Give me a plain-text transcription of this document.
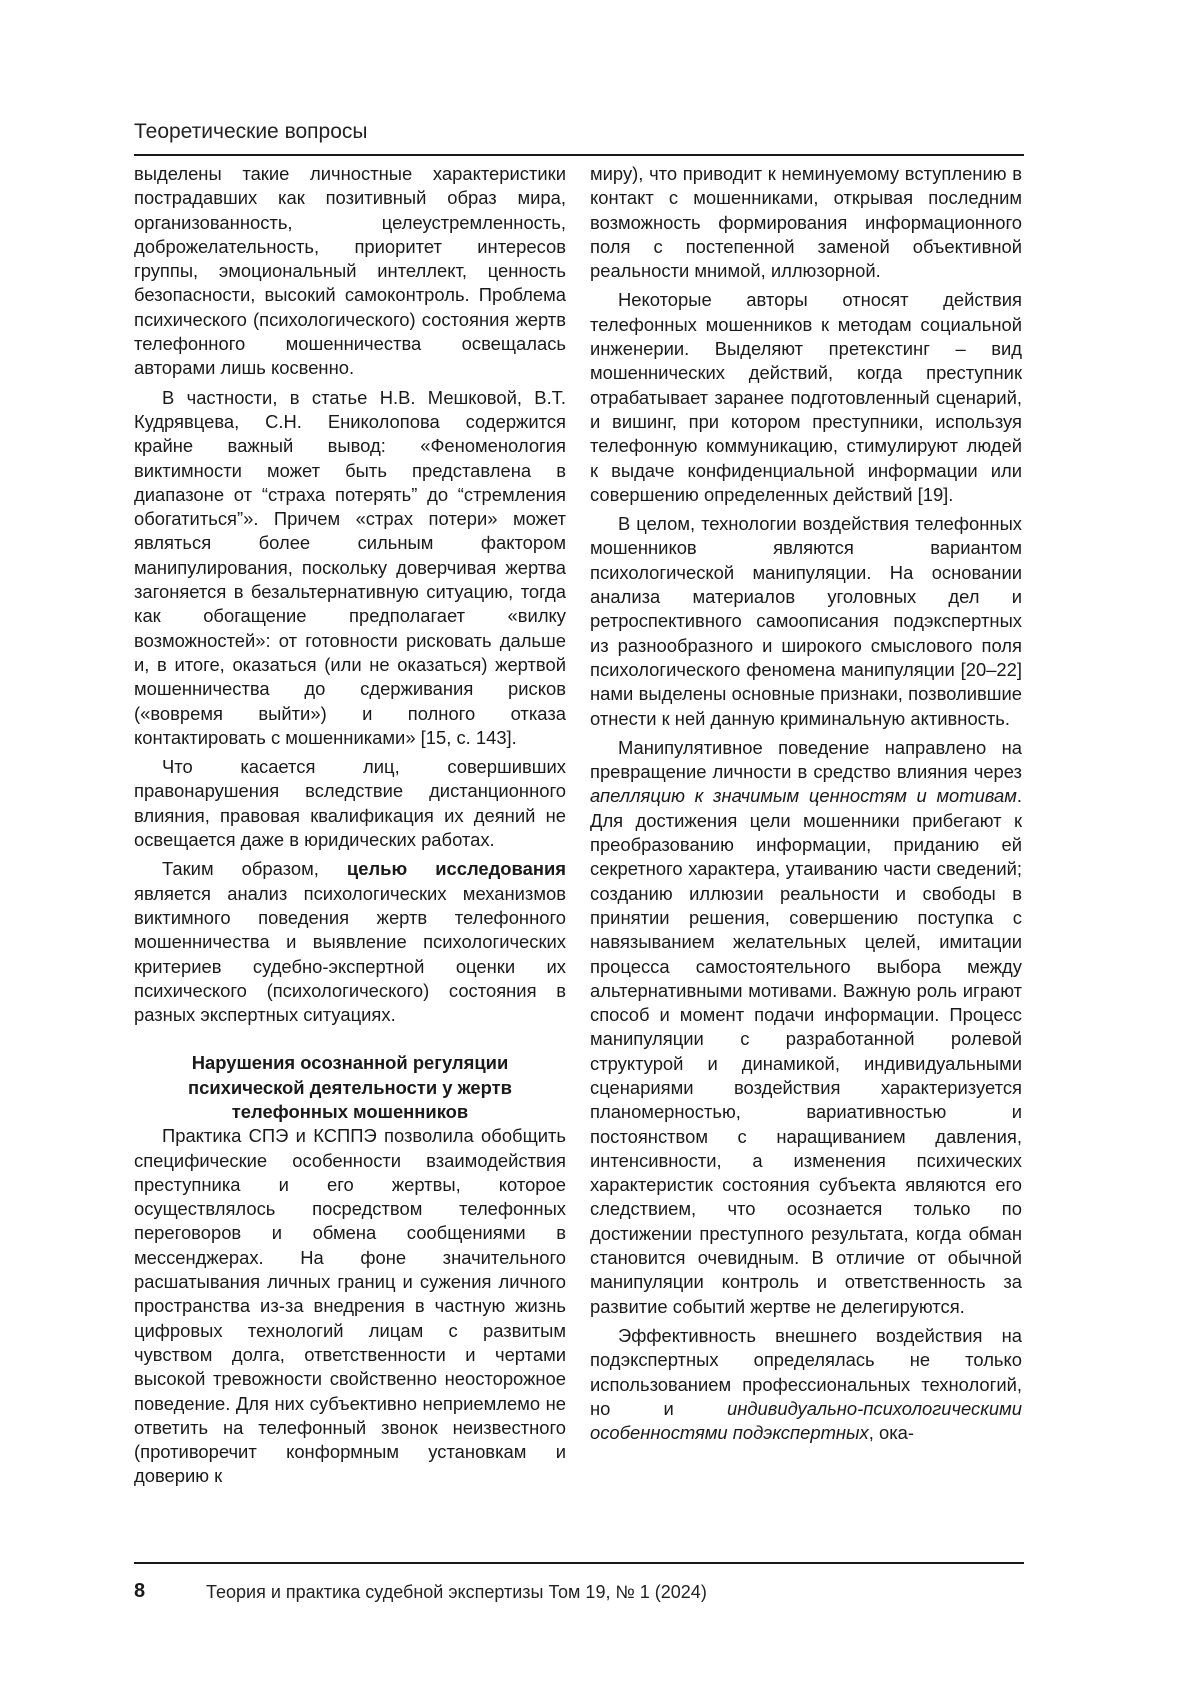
Теоретические вопросы

выделены такие личностные характеристики пострадавших как позитивный образ мира, организованность, целеустремленность, доброжелательность, приоритет интересов группы, эмоциональный интеллект, ценность безопасности, высокий самоконтроль. Проблема психического (психологического) состояния жертв телефонного мошенничества освещалась авторами лишь косвенно.

В частности, в статье Н.В. Мешковой, В.Т. Кудрявцева, С.Н. Ениколопова содержится крайне важный вывод: «Феноменология виктимности может быть представлена в диапазоне от “страха потерять” до “стремления обогатиться”». Причем «страх потери» может являться более сильным фактором манипулирования, поскольку доверчивая жертва загоняется в безальтернативную ситуацию, тогда как обогащение предполагает «вилку возможностей»: от готовности рисковать дальше и, в итоге, оказаться (или не оказаться) жертвой мошенничества до сдерживания рисков («вовремя выйти») и полного отказа контактировать с мошенниками» [15, с. 143].

Что касается лиц, совершивших правонарушения вследствие дистанционного влияния, правовая квалификация их деяний не освещается даже в юридических работах.

Таким образом, целью исследования является анализ психологических механизмов виктимного поведения жертв телефонного мошенничества и выявление психологических критериев судебно-экспертной оценки их психического (психологического) состояния в разных экспертных ситуациях.

Нарушения осознанной регуляции психической деятельности у жертв телефонных мошенников

Практика СПЭ и КСППЭ позволила обобщить специфические особенности взаимодействия преступника и его жертвы, которое осуществлялось посредством телефонных переговоров и обмена сообщениями в мессенджерах. На фоне значительного расшатывания личных границ и сужения личного пространства из-за внедрения в частную жизнь цифровых технологий лицам с развитым чувством долга, ответственности и чертами высокой тревожности свойственно неосторожное поведение. Для них субъективно неприемлемо не ответить на телефонный звонок неизвестного (противоречит конформным установкам и доверию к

миру), что приводит к неминуемому вступлению в контакт с мошенниками, открывая последним возможность формирования информационного поля с постепенной заменой объективной реальности мнимой, иллюзорной.

Некоторые авторы относят действия телефонных мошенников к методам социальной инженерии. Выделяют претекстинг – вид мошеннических действий, когда преступник отрабатывает заранее подготовленный сценарий, и вишинг, при котором преступники, используя телефонную коммуникацию, стимулируют людей к выдаче конфиденциальной информации или совершению определенных действий [19].

В целом, технологии воздействия телефонных мошенников являются вариантом психологической манипуляции. На основании анализа материалов уголовных дел и ретроспективного самоописания подэкспертных из разнообразного и широкого смыслового поля психологического феномена манипуляции [20–22] нами выделены основные признаки, позволившие отнести к ней данную криминальную активность.

Манипулятивное поведение направлено на превращение личности в средство влияния через апелляцию к значимым ценностям и мотивам. Для достижения цели мошенники прибегают к преобразованию информации, приданию ей секретного характера, утаиванию части сведений; созданию иллюзии реальности и свободы в принятии решения, совершению поступка с навязыванием желательных целей, имитации процесса самостоятельного выбора между альтернативными мотивами. Важную роль играют способ и момент подачи информации. Процесс манипуляции с разработанной ролевой структурой и динамикой, индивидуальными сценариями воздействия характеризуется планомерностью, вариативностью и постоянством с наращиванием давления, интенсивности, а изменения психических характеристик состояния субъекта являются его следствием, что осознается только по достижении преступного результата, когда обман становится очевидным. В отличие от обычной манипуляции контроль и ответственность за развитие событий жертве не делегируются.

Эффективность внешнего воздействия на подэкспертных определялась не только использованием профессиональных технологий, но и индивидуально-психологическими особенностями подэкспертных, ока-

8	Теория и практика судебной экспертизы Том 19, № 1 (2024)
